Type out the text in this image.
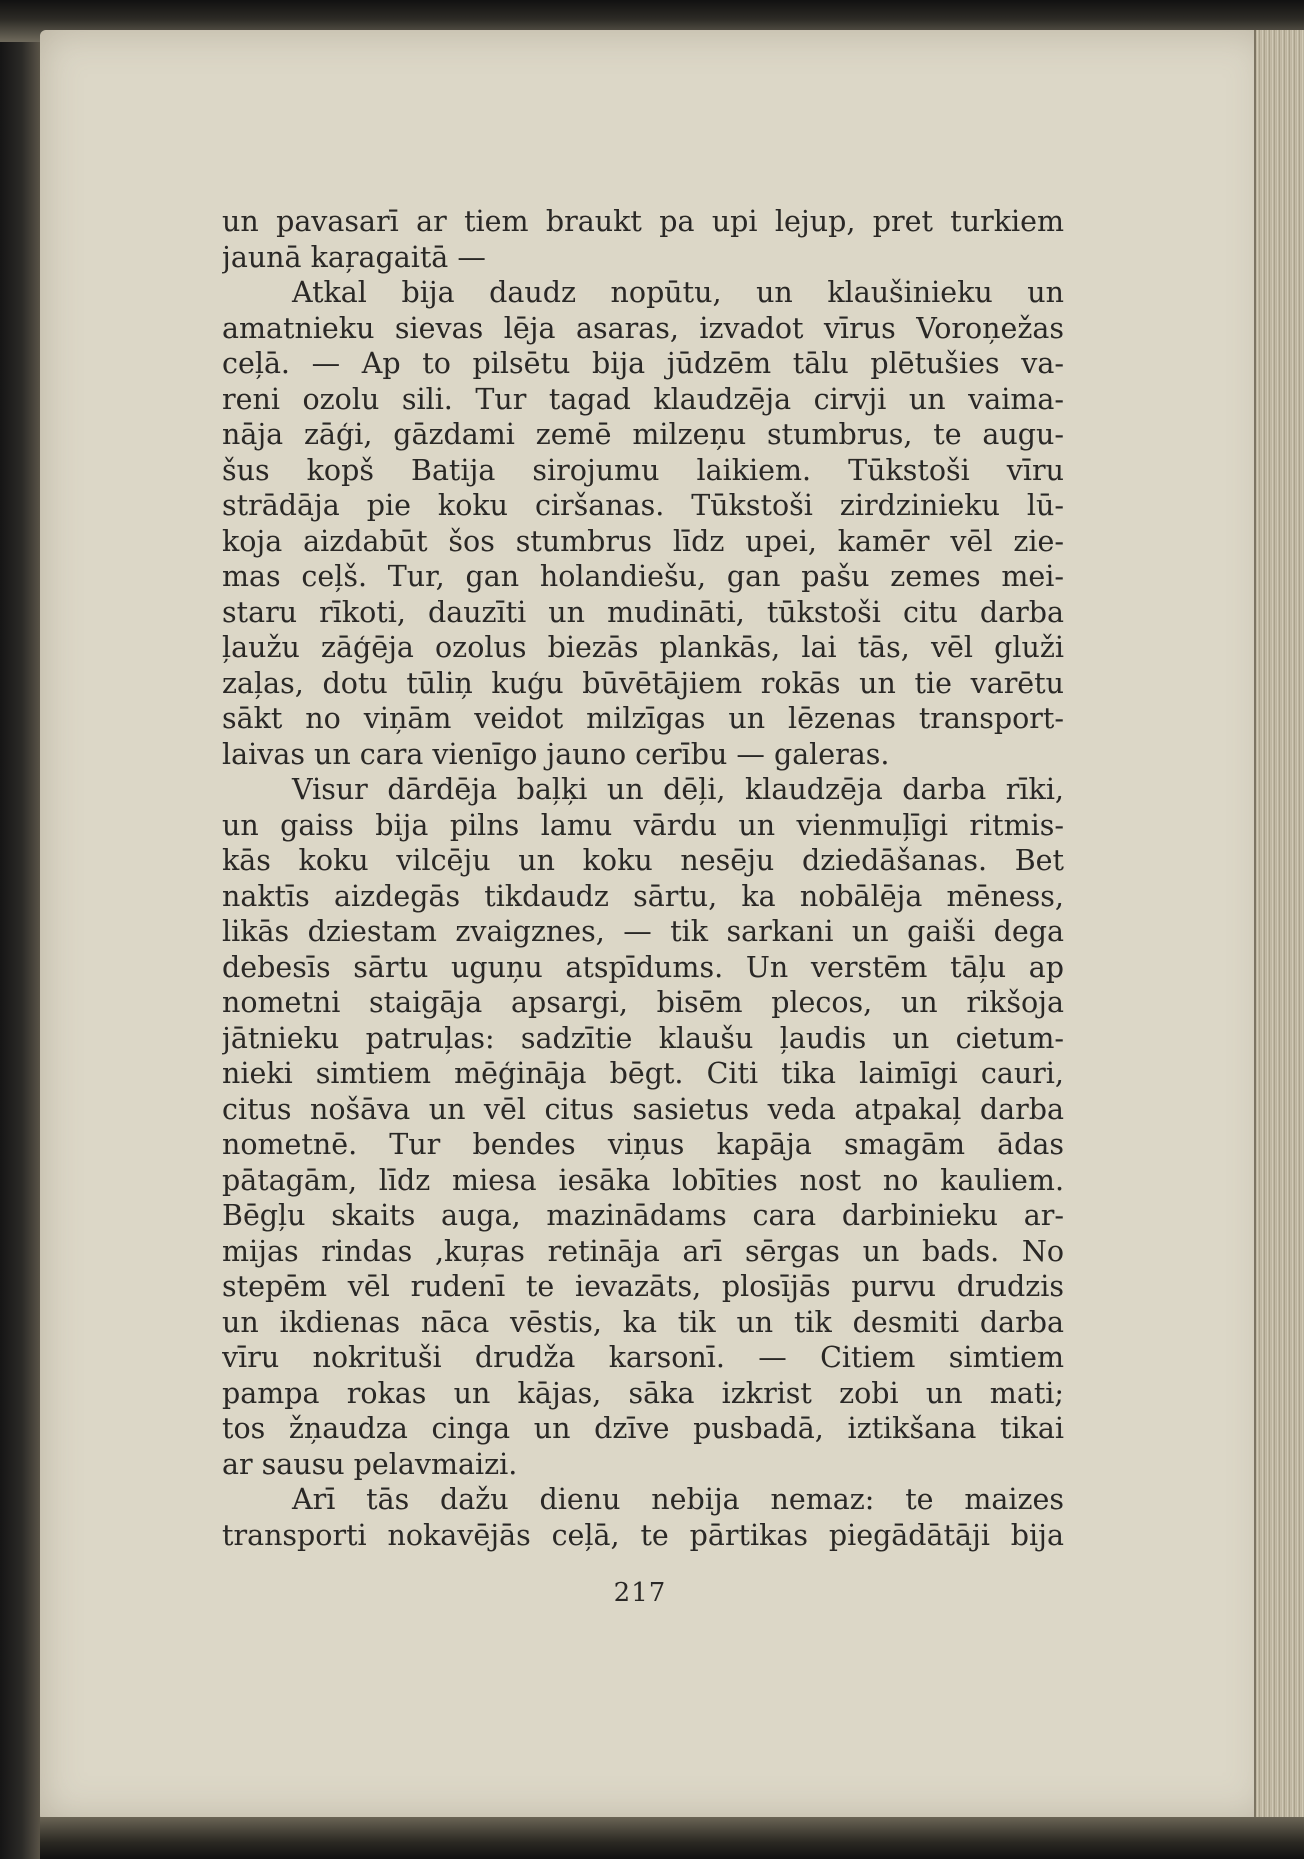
un pavasarī ar tiem braukt pa upi lejup, pret turkiem
jaunā kaŗagaitā —
Atkal bija daudz nopūtu, un klaušinieku un
amatnieku sievas lēja asaras, izvadot vīrus Voroņežas
ceļā. — Ap to pilsētu bija jūdzēm tālu plētušies va-
reni ozolu sili. Tur tagad klaudzēja cirvji un vaima-
nāja zāģi, gāzdami zemē milzeņu stumbrus, te augu-
šus kopš Batija sirojumu laikiem. Tūkstoši vīru
strādāja pie koku ciršanas. Tūkstoši zirdzinieku lū-
koja aizdabūt šos stumbrus līdz upei, kamēr vēl zie-
mas ceļš. Tur, gan holandiešu, gan pašu zemes mei-
staru rīkoti, dauzīti un mudināti, tūkstoši citu darba
ļaužu zāģēja ozolus biezās plankās, lai tās, vēl gluži
zaļas, dotu tūliņ kuģu būvētājiem rokās un tie varētu
sākt no viņām veidot milzīgas un lēzenas transport-
laivas un cara vienīgo jauno cerību — galeras.
Visur dārdēja baļķi un dēļi, klaudzēja darba rīki,
un gaiss bija pilns lamu vārdu un vienmuļīgi ritmis-
kās koku vilcēju un koku nesēju dziedāšanas. Bet
naktīs aizdegās tikdaudz sārtu, ka nobālēja mēness,
likās dziestam zvaigznes, — tik sarkani un gaiši dega
debesīs sārtu uguņu atspīdums. Un verstēm tāļu ap
nometni staigāja apsargi, bisēm plecos, un rikšoja
jātnieku patruļas: sadzītie klaušu ļaudis un cietum-
nieki simtiem mēģināja bēgt. Citi tika laimīgi cauri,
citus nošāva un vēl citus sasietus veda atpakaļ darba
nometnē. Tur bendes viņus kapāja smagām ādas
pātagām, līdz miesa iesāka lobīties nost no kauliem.
Bēgļu skaits auga, mazinādams cara darbinieku ar-
mijas rindas ,kuŗas retināja arī sērgas un bads. No
stepēm vēl rudenī te ievazāts, plosījās purvu drudzis
un ikdienas nāca vēstis, ka tik un tik desmiti darba
vīru nokrituši drudža karsonī. — Citiem simtiem
pampa rokas un kājas, sāka izkrist zobi un mati;
tos žņaudza cinga un dzīve pusbadā, iztikšana tikai
ar sausu pelavmaizi.
Arī tās dažu dienu nebija nemaz: te maizes
transporti nokavējās ceļā, te pārtikas piegādātāji bija
217
